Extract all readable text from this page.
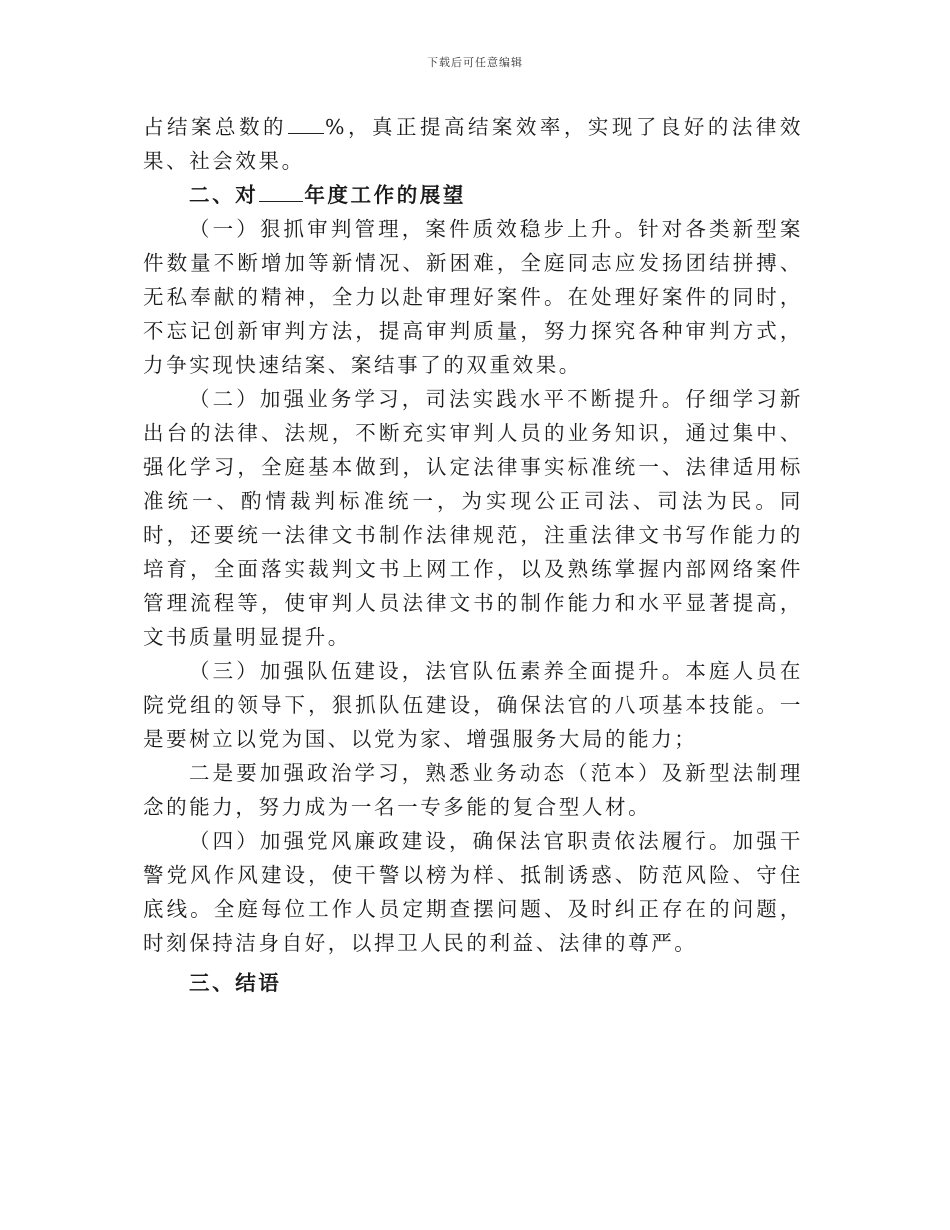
下载后可任意编辑

占结案总数的 %，真正提高结案效率，实现了良好的法律效果、社会效果。

二、对 年度工作的展望

（一）狠抓审判管理，案件质效稳步上升。针对各类新型案件数量不断增加等新情况、新困难，全庭同志应发扬团结拼搏、无私奉献的精神，全力以赴审理好案件。在处理好案件的同时，不忘记创新审判方法，提高审判质量，努力探究各种审判方式，力争实现快速结案、案结事了的双重效果。

（二）加强业务学习，司法实践水平不断提升。仔细学习新出台的法律、法规，不断充实审判人员的业务知识，通过集中、强化学习，全庭基本做到，认定法律事实标准统一、法律适用标准统一、酌情裁判标准统一，为实现公正司法、司法为民。同时，还要统一法律文书制作法律规范，注重法律文书写作能力的培育，全面落实裁判文书上网工作，以及熟练掌握内部网络案件管理流程等，使审判人员法律文书的制作能力和水平显著提高，文书质量明显提升。

（三）加强队伍建设，法官队伍素养全面提升。本庭人员在院党组的领导下，狠抓队伍建设，确保法官的八项基本技能。一是要树立以党为国、以党为家、增强服务大局的能力；

二是要加强政治学习，熟悉业务动态（范本）及新型法制理念的能力，努力成为一名一专多能的复合型人材。

（四）加强党风廉政建设，确保法官职责依法履行。加强干警党风作风建设，使干警以榜为样、抵制诱惑、防范风险、守住底线。全庭每位工作人员定期查摆问题、及时纠正存在的问题，时刻保持洁身自好，以捍卫人民的利益、法律的尊严。

三、结语
